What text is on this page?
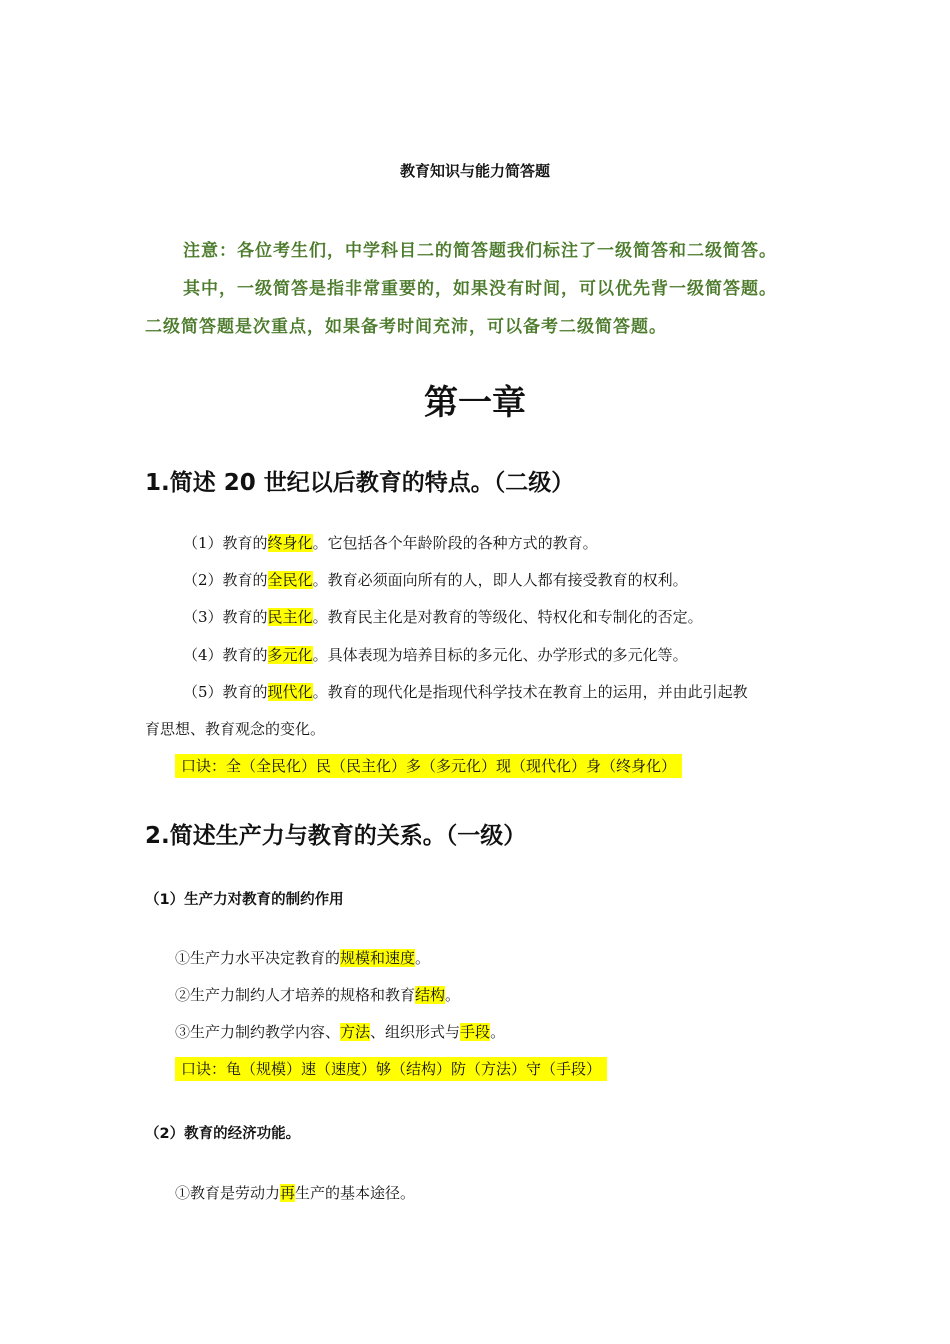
教育知识与能力简答题
注意：各位考生们，中学科目二的简答题我们标注了一级简答和二级简答。
其中，一级简答是指非常重要的，如果没有时间，可以优先背一级简答题。
二级简答题是次重点，如果备考时间充沛，可以备考二级简答题。
第一章
1.简述 20 世纪以后教育的特点。（二级）
（1）教育的终身化。它包括各个年龄阶段的各种方式的教育。
（2）教育的全民化。教育必须面向所有的人，即人人都有接受教育的权利。
（3）教育的民主化。教育民主化是对教育的等级化、特权化和专制化的否定。
（4）教育的多元化。具体表现为培养目标的多元化、办学形式的多元化等。
（5）教育的现代化。教育的现代化是指现代科学技术在教育上的运用，并由此引起教
育思想、教育观念的变化。
口诀：全（全民化）民（民主化）多（多元化）现（现代化）身（终身化）
2.简述生产力与教育的关系。（一级）
（1）生产力对教育的制约作用
①生产力水平决定教育的规模和速度。
②生产力制约人才培养的规格和教育结构。
③生产力制约教学内容、方法、组织形式与手段。
口诀：龟（规模）速（速度）够（结构）防（方法）守（手段）
（2）教育的经济功能。
①教育是劳动力再生产的基本途径。
